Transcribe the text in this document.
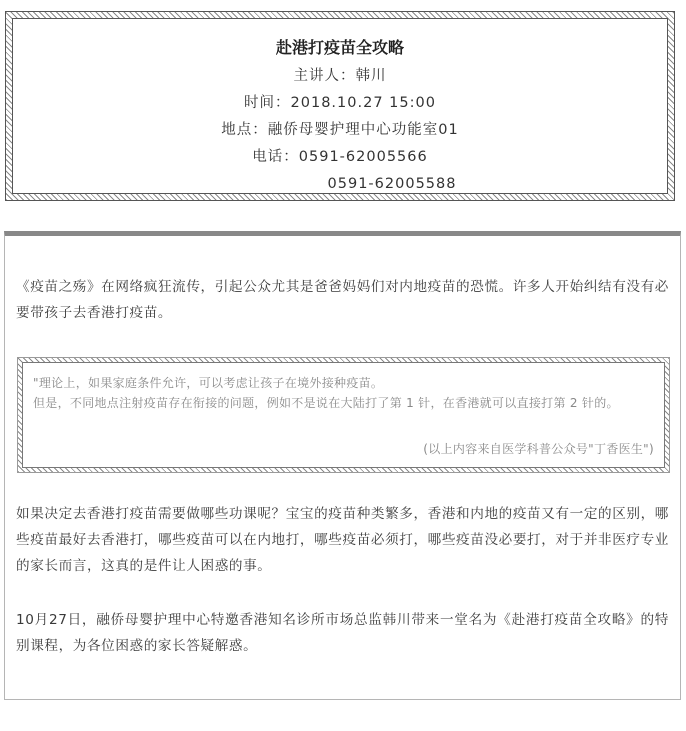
赴港打疫苗全攻略
主讲人：韩川
时间：2018.10.27 15:00
地点：融侨母婴护理中心功能室01
电话：0591-62005566
0591-62005588

《疫苗之殇》在网络疯狂流传，引起公众尤其是爸爸妈妈们对内地疫苗的恐慌。许多人开始纠结有没有必要带孩子去香港打疫苗。

"理论上，如果家庭条件允许，可以考虑让孩子在境外接种疫苗。

但是，不同地点注射疫苗存在衔接的问题，例如不是说在大陆打了第 1 针，在香港就可以直接打第 2 针的。

(以上内容来自医学科普公众号"丁香医生")

如果决定去香港打疫苗需要做哪些功课呢？宝宝的疫苗种类繁多，香港和内地的疫苗又有一定的区别，哪些疫苗最好去香港打，哪些疫苗可以在内地打，哪些疫苗必须打，哪些疫苗没必要打，对于并非医疗专业的家长而言，这真的是件让人困惑的事。

10月27日，融侨母婴护理中心特邀香港知名诊所市场总监韩川带来一堂名为《赴港打疫苗全攻略》的特别课程，为各位困惑的家长答疑解惑。
